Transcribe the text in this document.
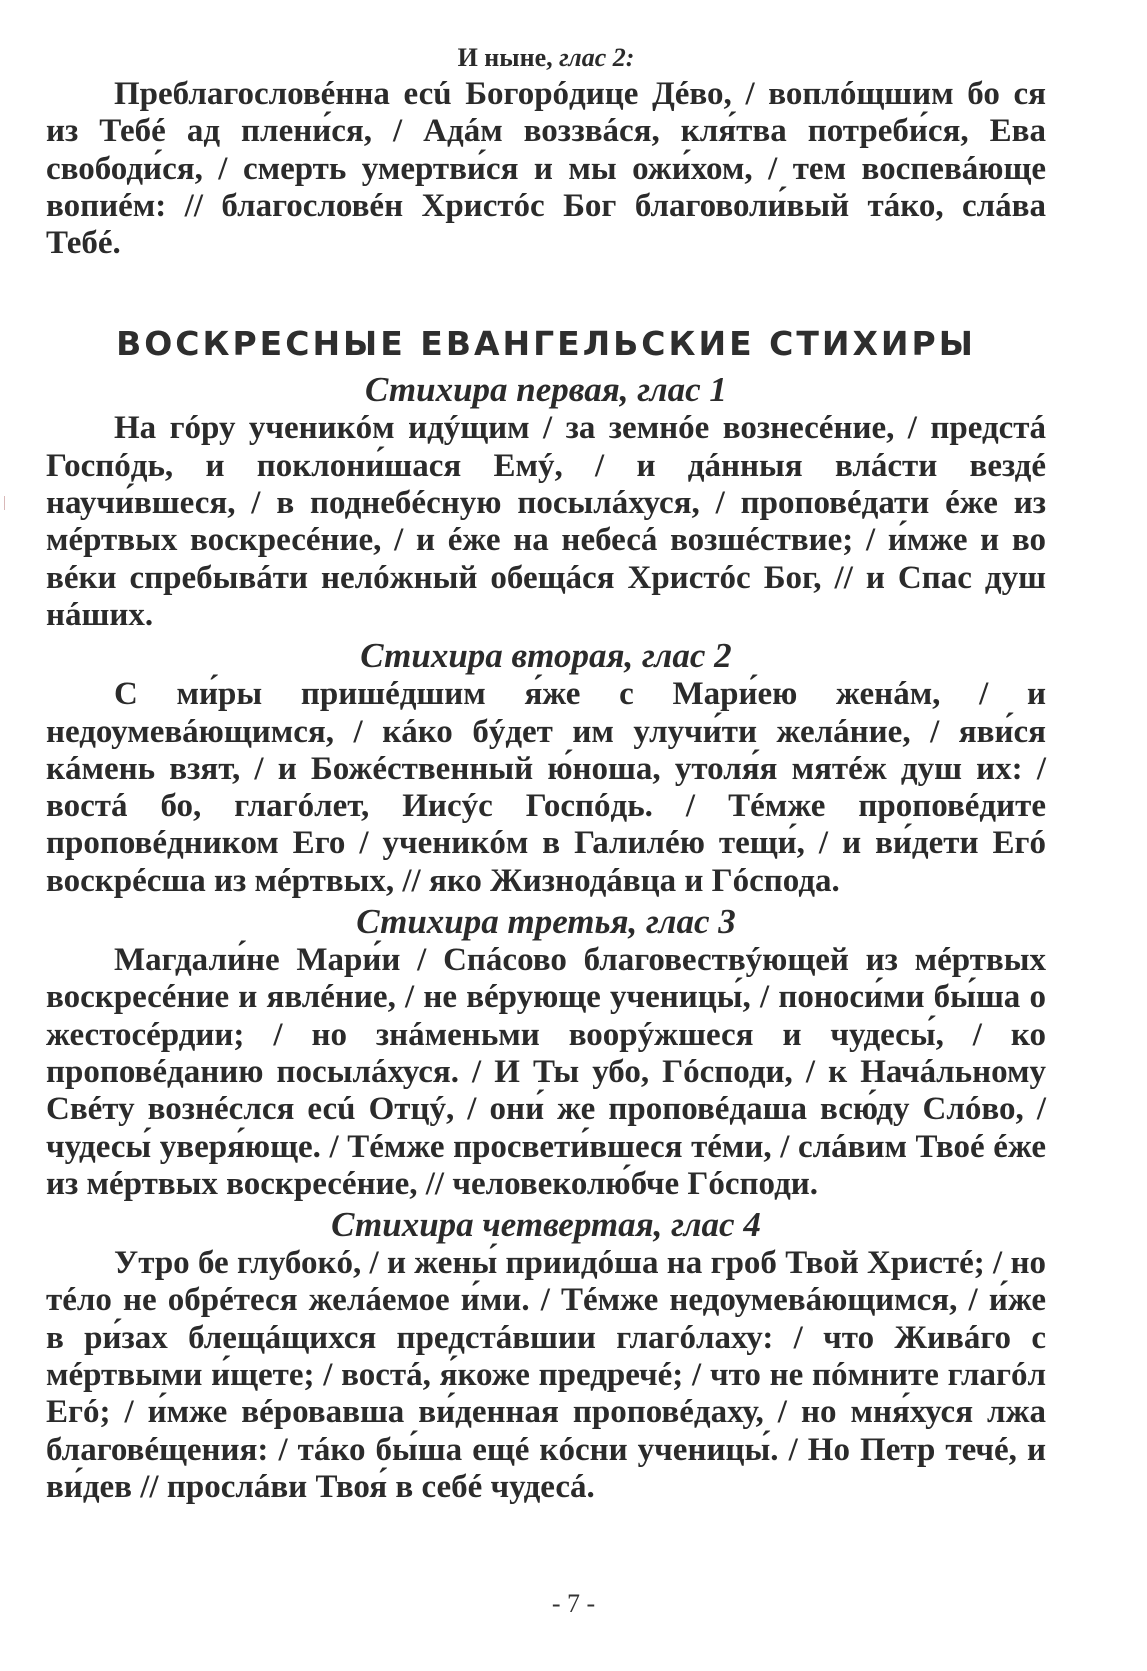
И ныне, глас 2:

Преблагословéнна есú Богорóдице Дéво, / воплóщшим бо ся из Тебé ад плени́ся, / Адáм воззвáся, кля́тва потреби́ся, Ева свободи́ся, / смерть умертви́ся и мы ожи́хом, / тем воспевáюще вопиéм: // благословéн Христóс Бог благоволи́вый тáко, слáва Тебé.

ВОСКРЕСНЫЕ ЕВАНГЕЛЬСКИЕ СТИХИРЫ
Стихира первая, глас 1

На гóру ученикóм идýщим / за земнóе вознесéние, / предстá Госпóдь, и поклони́шася Емý, / и дáнныя влáсти вездé научи́вшеся, / в поднебéсную посылáхуся, / проповéдати éже из мéртвых воскресéние, / и éже на небесá возшéствие; / и́мже и во вéки спребывáти нелóжный обещáся Христóс Бог, // и Спас душ нáших.

Стихира вторая, глас 2

С ми́ры пришéдшим я́же с Мари́ею женáм, / и недоумевáющимся, / кáко бýдет им улучи́ти желáние, / яви́ся кáмень взят, / и Божéственный ю́ноша, утоля́я мятéж душ их: / востá бо, глагóлет, Иисýс Госпóдь. / Тéмже проповéдите проповéдником Его / ученикóм в Галилéю тещи́, / и ви́дети Егó воскрéсша из мéртвых, // яко Жизнодáвца и Гóспода.

Стихира третья, глас 3

Магдали́не Мари́и / Спáсово благовествýющей из мéртвых воскресéние и явлéние, / не вéрующе ученицы́, / поноси́ми бы́ша о жестосéрдии; / но знáменьми воорýжшеся и чудесы́, / ко проповéданию посылáхуся. / И Ты убо, Гóсподи, / к Начáльному Свéту вознéслся есú Отцý, / они́ же проповéдаша всю́ду Слóво, / чудесы́ уверя́юще. / Тéмже просвети́вшеся тéми, / слáвим Твоé éже из мéртвых воскресéние, // человеколю́бче Гóсподи.

Стихира четвертая, глас 4

Утро бе глубокó, / и жены́ приидóша на гроб Твой Христé; / но тéло не обрéтеся желáемое и́ми. / Тéмже недоумевáющимся, / и́же в ри́зах блещáщихся предстáвшии глагóлаху: / что Живáго с мéртвыми и́щете; / востá, я́коже предречé; / что не пóмните глагóл Егó; / и́мже вéровавша ви́денная проповéдаху, / но мня́хуся лжа благовéщения: / тáко бы́ша ещé кóсни ученицы́. / Но Петр течé, и ви́дев // прослáви Твоя́ в себé чудесá.

- 7 -
